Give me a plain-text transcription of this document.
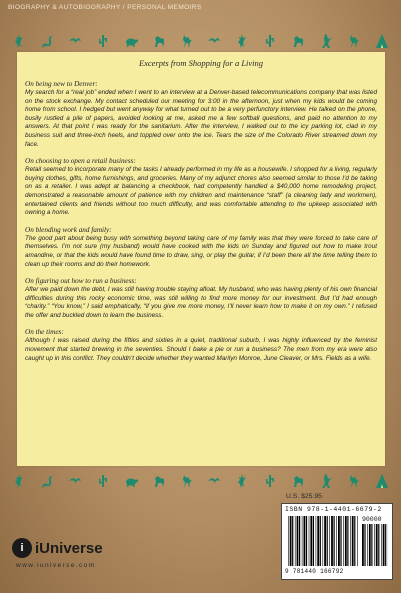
BIOGRAPHY & AUTOBIOGRAPHY / PERSONAL MEMOIRS
Excerpts from Shopping for a Living
On being new to Denver:

My search for a “real job” ended when I went to an interview at a Denver-based telecommunications company that was listed on the stock exchange. My contact scheduled our meeting for 3:00 in the afternoon, just when my kids would be coming home from school. I hedged but went anyway for what turned out to be a very perfunctory interview. He talked on the phone, busily rustled a pile of papers, avoided looking at me, asked me a few softball questions, and paid no attention to my answers. At that point I was ready for the sanitarium. After the interview, I walked out to the icy parking lot, clad in my business suit and three-inch heels, and toppled over onto the ice. Tears the size of the Colorado River streamed down my face.

On choosing to open a retail business:

Retail seemed to incorporate many of the tasks I already performed in my life as a housewife. I shopped for a living, regularly buying clothes, gifts, home furnishings, and groceries. Many of my adjunct chores also seemed similar to those I’d be taking on as a retailer. I was adept at balancing a checkbook, had competently handled a $40,000 home remodeling project, demonstrated a reasonable amount of patience with my children and maintenance “staff” (a cleaning lady and workmen), entertained clients and friends without too much difficulty, and was comfortable attending to the upkeep associated with owning a home.

On blending work and family:

The good part about being busy with something beyond taking care of my family was that they were forced to take care of themselves. I’m not sure (my husband) would have cooked with the kids on Sunday and figured out how to make trout amandine, or that the kids would have found time to draw, sing, or play the guitar, if I’d been there all the time telling them to clean up their rooms and do their homework.

On figuring out how to run a business:

After we paid down the debt, I was still having trouble staying afloat. My husband, who was having plenty of his own financial difficulties during this rocky economic time, was still willing to find more money for our investment. But I’d had enough “charity.” “You know,” I said emphatically, “if you give me more money, I’ll never learn how to make it on my own.” I refused the offer and buckled down to learn the business.

On the times:

Although I was raised during the fifties and sixties in a quiet, traditional suburb, I was highly influenced by the feminist movement that started brewing in the seventies. Should I bake a pie or run a business? The men from my era were also caught up in this conflict. They couldn’t decide whether they wanted Marilyn Monroe, June Cleaver, or Mrs. Fields as a wife.

U.S. $25.95
ISBN 978-1-4401-6679-2
90000
9 781440 166792
i iUniverse
www.iuniverse.com
